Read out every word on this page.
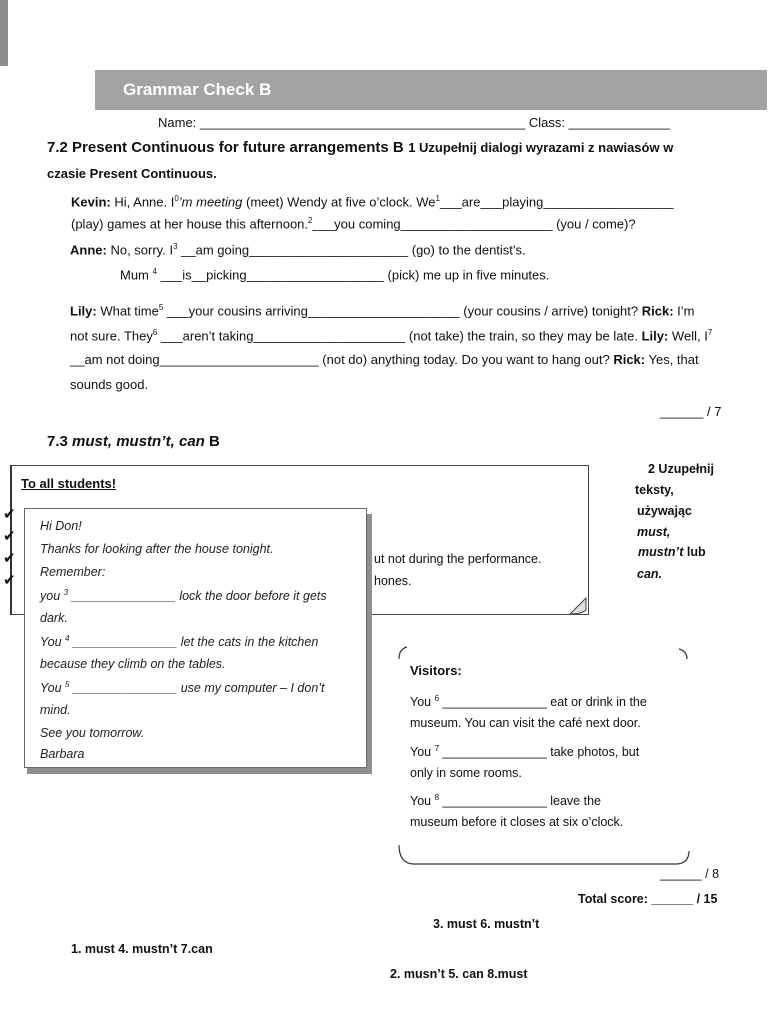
Grammar Check B
Name: _____________________________________________ Class: ______________
7.2 Present Continuous for future arrangements B 1 Uzupełnij dialogi wyrazami z nawiasów w
czasie Present Continuous.
Kevin: Hi, Anne. $I^0’m$ meeting (meet) Wendy at five o’clock. We$^1$___are___playing__________________
(play) games at her house this afternoon.$^2$___you coming_____________________ (you / come)?
Anne: No, sorry. $I^3$ __am going______________________ (go) to the dentist’s.
Mum $^4$ ___is__picking___________________ (pick) me up in five minutes.
Lily: What time$^5$ ___your cousins arriving_____________________ (your cousins / arrive) tonight? Rick: I’m
not sure. They$^6$ ___aren’t taking_____________________ (not take) the train, so they may be late. Lily: Well, $I^7$
__am not doing______________________ (not do) anything today. Do you want to hang out? Rick: Yes, that
sounds good.
______ / 7
7.3 must, mustn’t, can B
2 Uzupełnij
teksty,
używając
must,
mustn’t lub
can.
To all students!
ut not during the performance.
hones.
✔
✔
✔
✔
Hi Don!
Thanks for looking after the house tonight.
Remember:
you $^3$ _______________ lock the door before it gets
dark.
You $^4$ _______________ let the cats in the kitchen
because they climb on the tables.
You $^5$ _______________ use my computer – I don’t
mind.
See you tomorrow.
Barbara
Visitors:
You $^6$ _______________ eat or drink in the
museum. You can visit the café next door.
You $^7$ _______________ take photos, but
only in some rooms.
You $^8$ _______________ leave the
museum before it closes at six o’clock.
______ / 8
Total score: ______ / 15
3. must 6. mustn’t
1. must 4. mustn’t 7.can
2. musn’t 5. can 8.must
